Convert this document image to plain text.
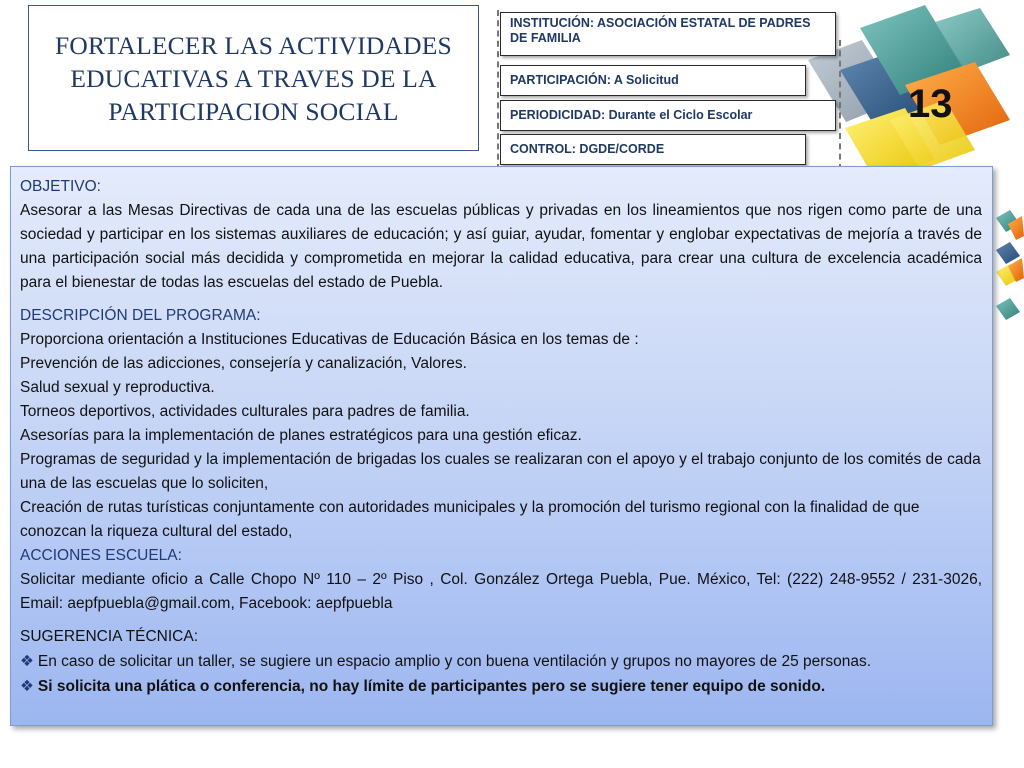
FORTALECER LAS ACTIVIDADES EDUCATIVAS A TRAVES DE LA PARTICIPACION SOCIAL
INSTITUCIÓN: ASOCIACIÓN ESTATAL DE PADRES DE FAMILIA
PARTICIPACIÓN: A Solicitud
PERIODICIDAD: Durante el Ciclo Escolar
CONTROL: DGDE/CORDE
13
OBJETIVO:

Asesorar a las Mesas Directivas de cada una de las escuelas públicas y privadas en los lineamientos que nos rigen como parte de una sociedad y participar en los sistemas auxiliares de educación; y así guiar, ayudar, fomentar y englobar expectativas de mejoría a través de una participación social más decidida y comprometida en mejorar la calidad educativa, para crear una cultura de excelencia académica para el bienestar de todas las escuelas del estado de Puebla.

DESCRIPCIÓN DEL PROGRAMA:

Proporciona orientación a Instituciones Educativas de Educación Básica en los temas de :

Prevención de las adicciones, consejería y canalización, Valores.

Salud sexual y reproductiva.

Torneos deportivos, actividades culturales para padres de familia.

Asesorías para la implementación de planes estratégicos para una gestión eficaz.

Programas de seguridad y la implementación de brigadas los cuales se realizaran con el apoyo y el trabajo conjunto de los comités de cada una de las escuelas que lo soliciten,

Creación de rutas turísticas conjuntamente con autoridades municipales y la promoción del turismo regional con la finalidad de que conozcan la riqueza cultural del estado,

ACCIONES ESCUELA:

Solicitar mediante oficio a Calle Chopo Nº 110 – 2º Piso , Col. González Ortega Puebla, Pue. México, Tel: (222) 248-9552 / 231-3026, Email: aepfpuebla@gmail.com, Facebook: aepfpuebla

SUGERENCIA TÉCNICA:

❖ En caso de solicitar un taller, se sugiere un espacio amplio y con buena ventilación y grupos no mayores de 25 personas.

❖ Si solicita una plática o conferencia, no hay límite de participantes pero se sugiere tener equipo de sonido.
